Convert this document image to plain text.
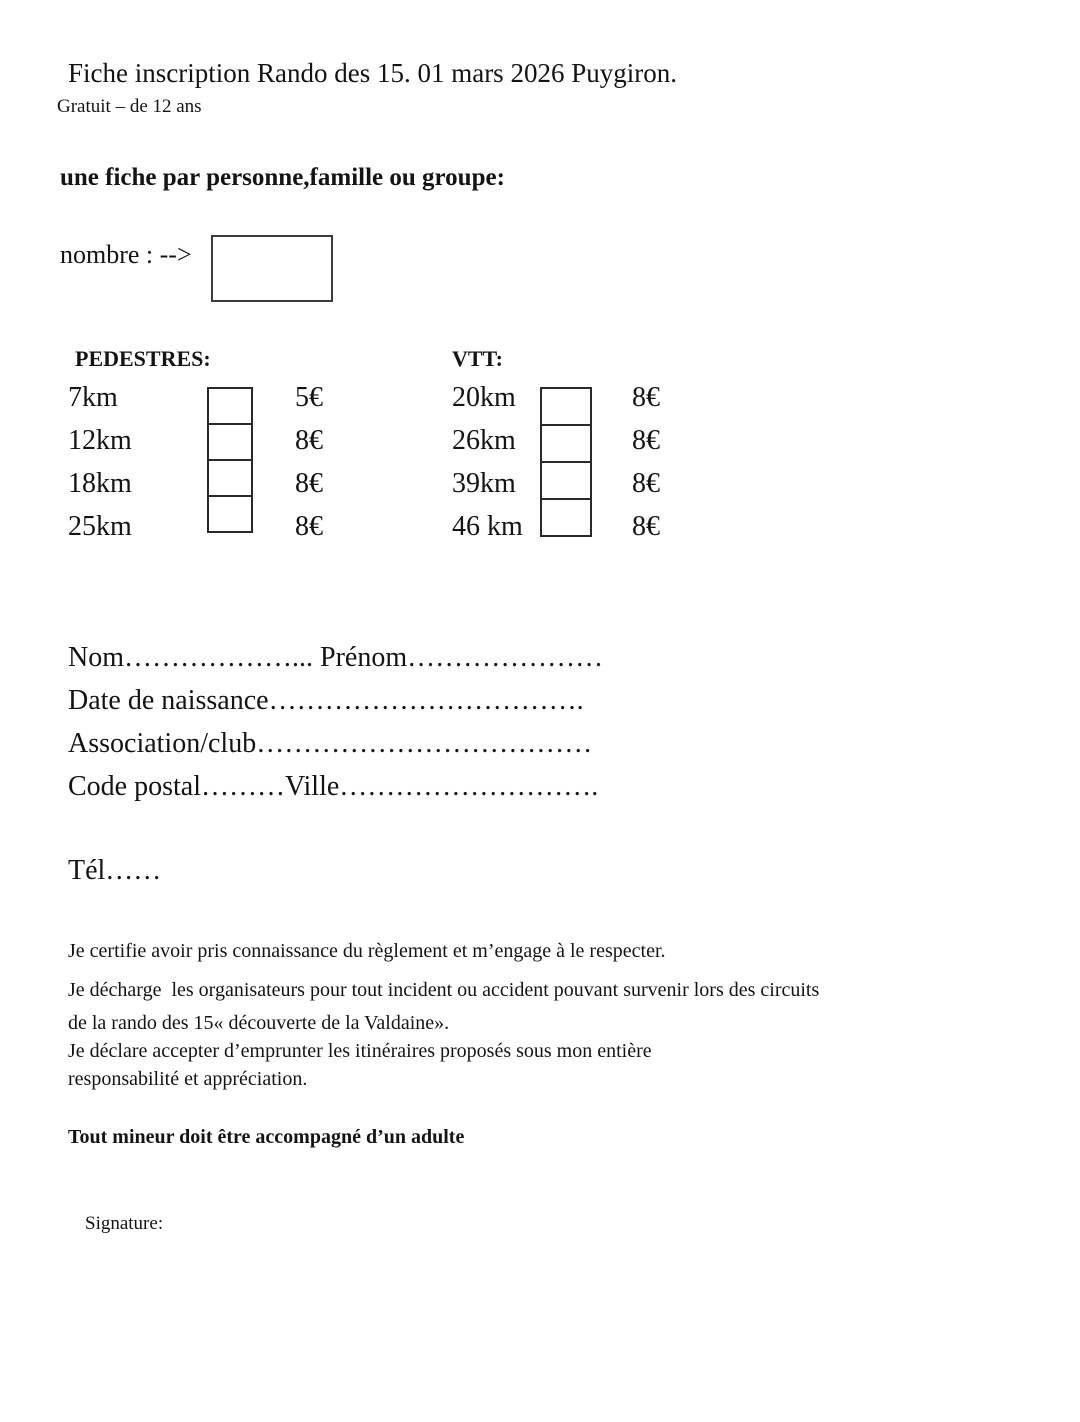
Fiche inscription Rando des 15. 01 mars 2026 Puygiron.
Gratuit – de 12 ans
une fiche par personne,famille ou groupe:
nombre : -->
PEDESTRES:	VTT:
7km
12km
18km
25km
5€
8€
8€
8€
20km
26km
39km
46 km
8€
8€
8€
8€
Nom………………... Prénom…………………
Date de naissance…………………………….
Association/club………………………………
Code postal………Ville……………………….
Tél……
Je certifie avoir pris connaissance du règlement et m’engage à le respecter.
Je décharge  les organisateurs pour tout incident ou accident pouvant survenir lors des circuits
de la rando des 15« découverte de la Valdaine».
Je déclare accepter d’emprunter les itinéraires proposés sous mon entière
responsabilité et appréciation.
Tout mineur doit être accompagné d’un adulte
Signature:
